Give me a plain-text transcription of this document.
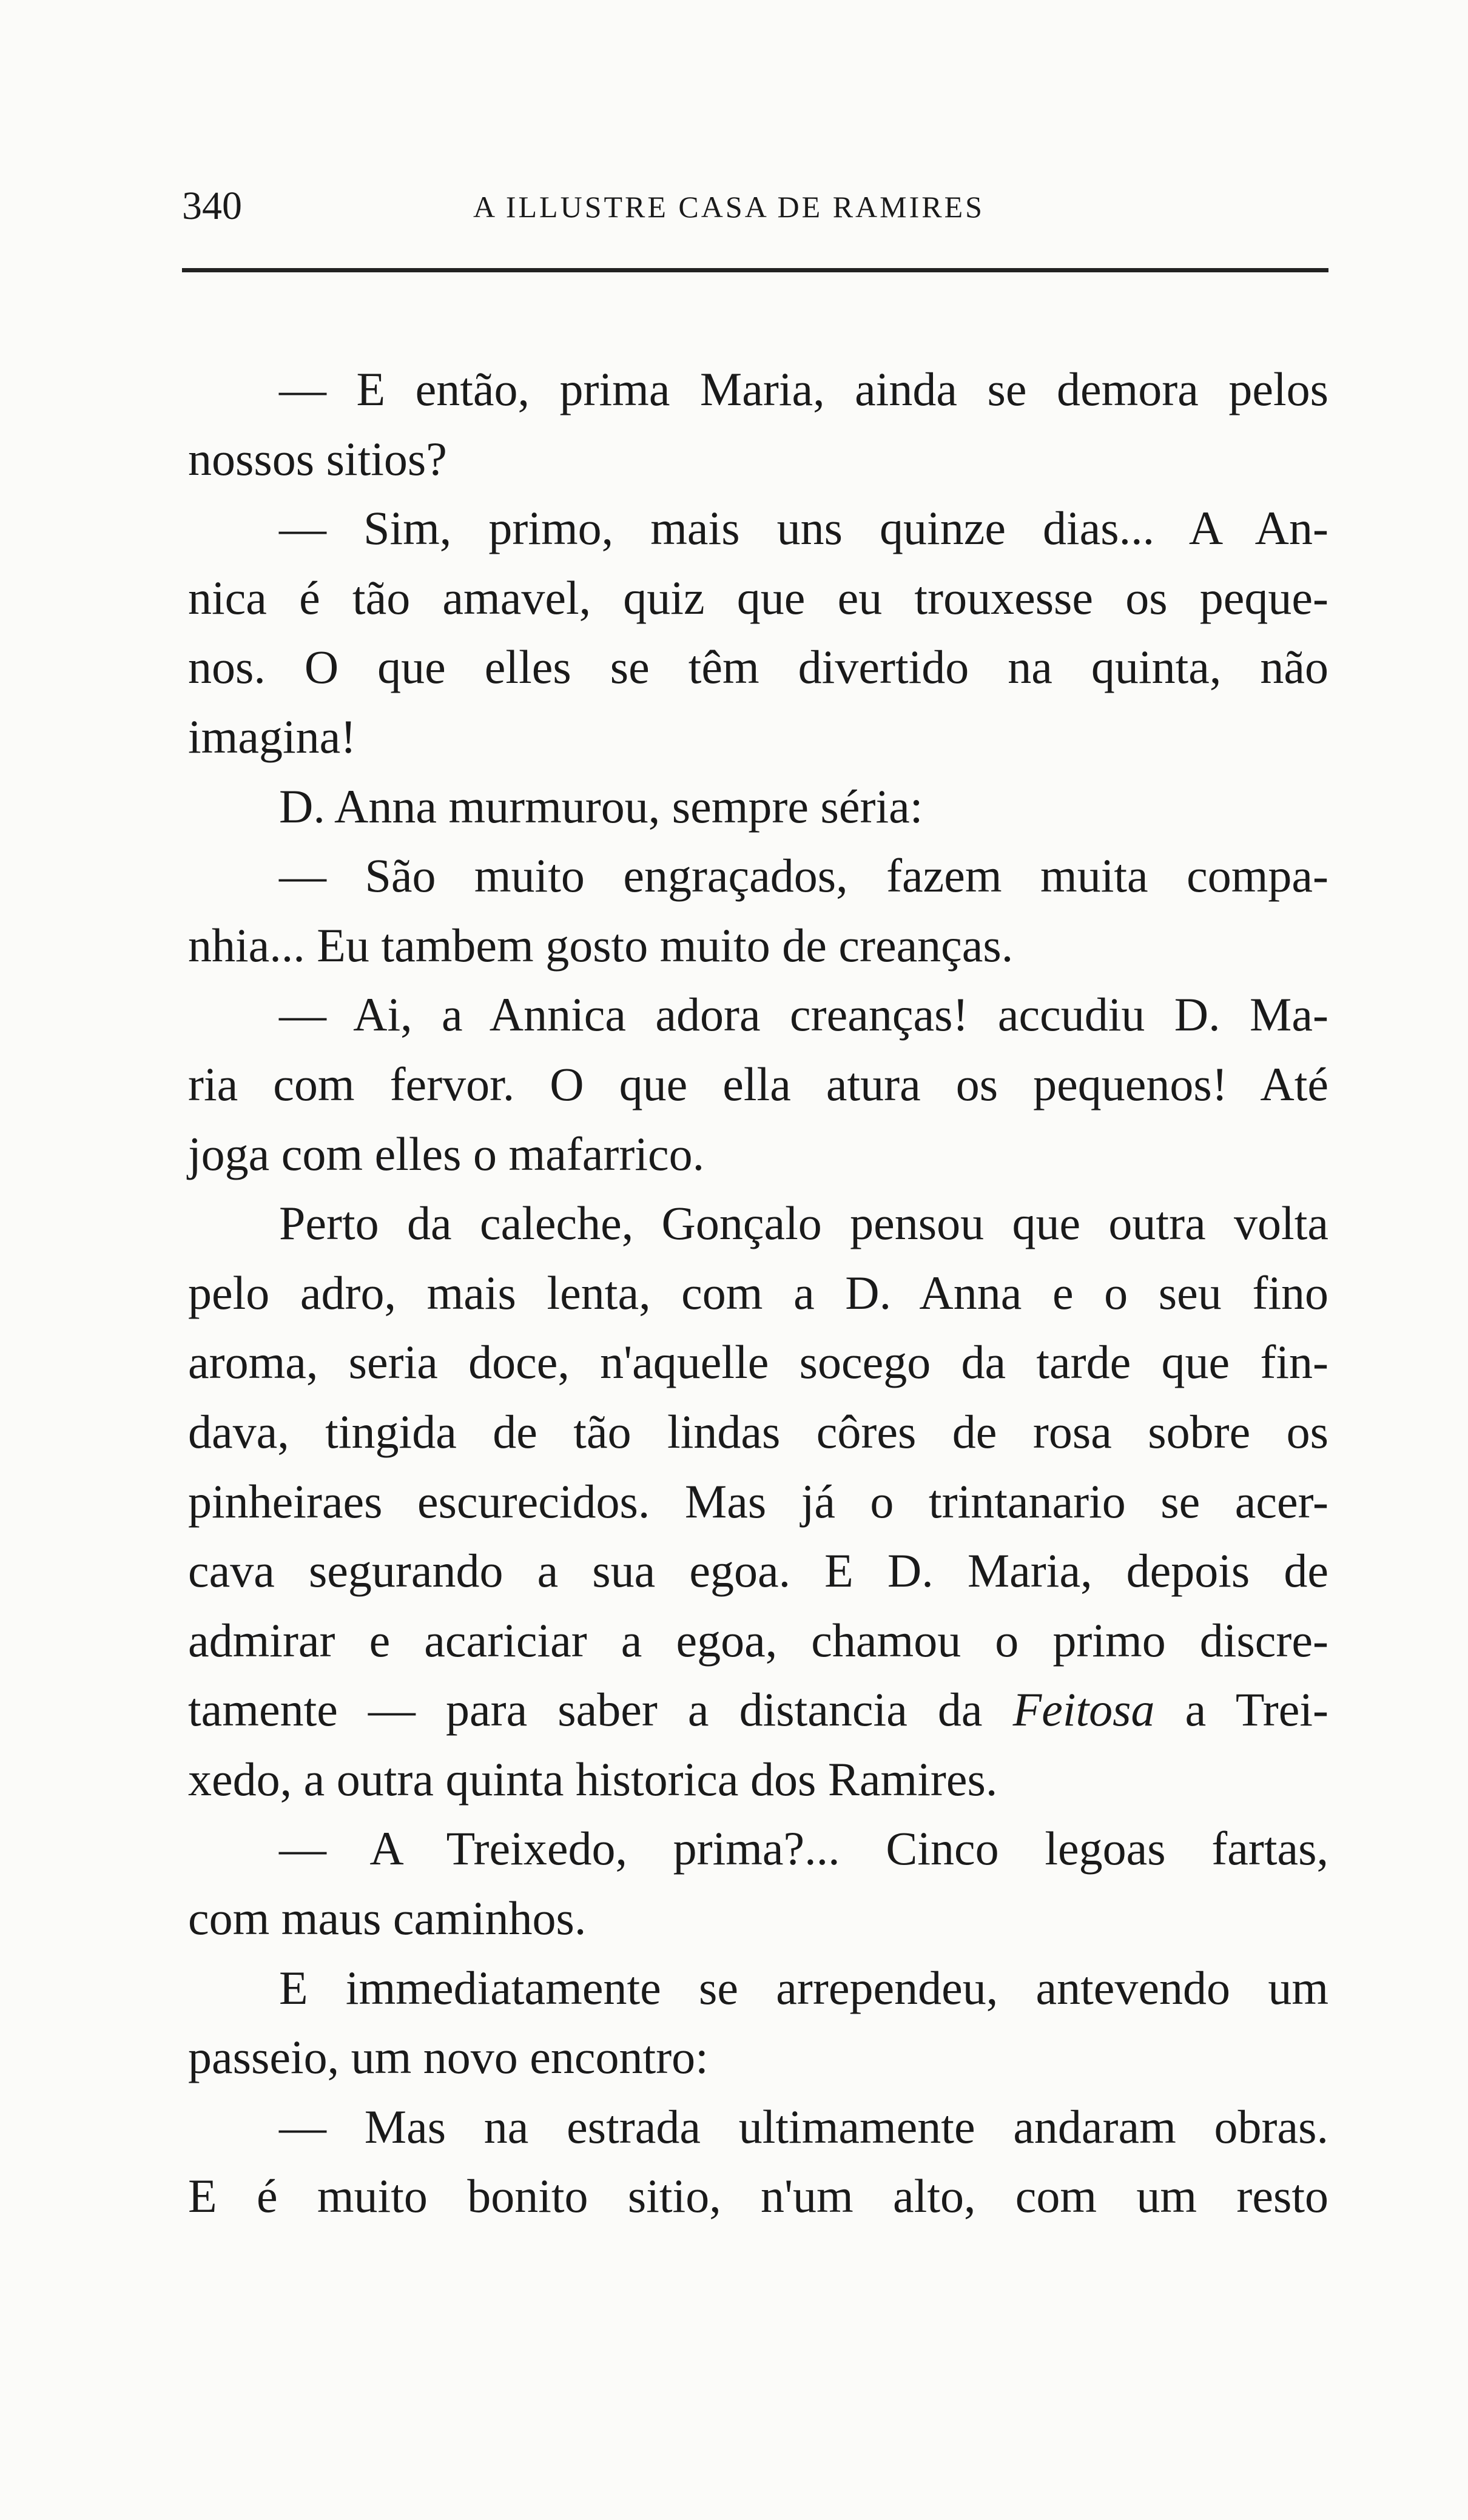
340	A ILLUSTRE CASA DE RAMIRES
— E então, prima Maria, ainda se demora pelos
nossos sitios?
— Sim, primo, mais uns quinze dias... A An-
nica é tão amavel, quiz que eu trouxesse os peque-
nos. O que elles se têm divertido na quinta, não
imagina!
D. Anna murmurou, sempre séria:
— São muito engraçados, fazem muita compa-
nhia... Eu tambem gosto muito de creanças.
— Ai, a Annica adora creanças! accudiu D. Ma-
ria com fervor. O que ella atura os pequenos! Até
joga com elles o mafarrico.
Perto da caleche, Gonçalo pensou que outra volta
pelo adro, mais lenta, com a D. Anna e o seu fino
aroma, seria doce, n'aquelle socego da tarde que fin-
dava, tingida de tão lindas côres de rosa sobre os
pinheiraes escurecidos. Mas já o trintanario se acer-
cava segurando a sua egoa. E D. Maria, depois de
admirar e acariciar a egoa, chamou o primo discre-
tamente — para saber a distancia da Feitosa a Trei-
xedo, a outra quinta historica dos Ramires.
— A Treixedo, prima?... Cinco legoas fartas,
com maus caminhos.
E immediatamente se arrependeu, antevendo um
passeio, um novo encontro:
— Mas na estrada ultimamente andaram obras.
E é muito bonito sitio, n'um alto, com um resto
